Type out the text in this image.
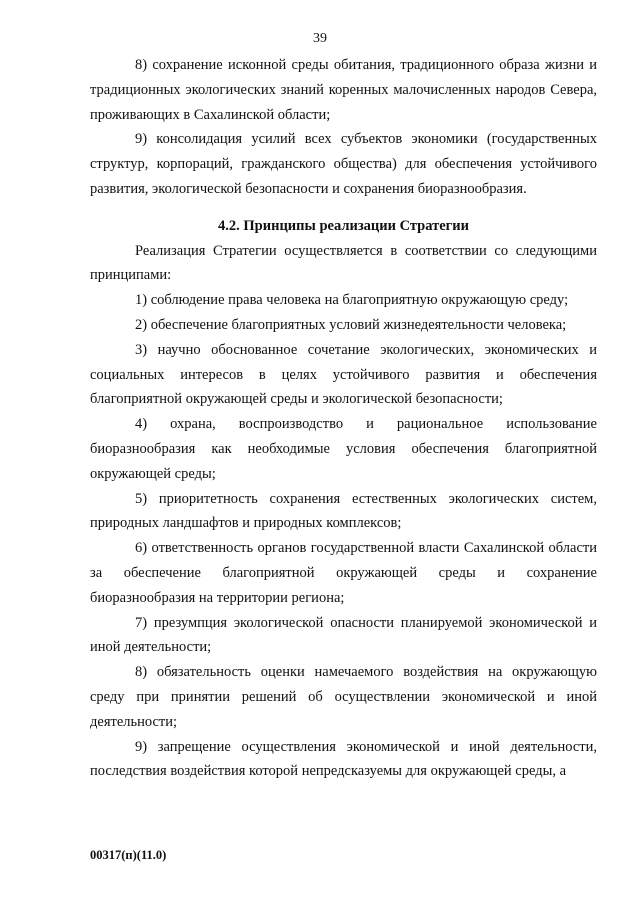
39

8) сохранение исконной среды обитания, традиционного образа жизни и традиционных экологических знаний коренных малочисленных народов Севера, проживающих в Сахалинской области;

9) консолидация усилий всех субъектов экономики (государственных структур, корпораций, гражданского общества) для обеспечения устойчивого развития, экологической безопасности и сохранения биоразнообразия.

4.2. Принципы реализации Стратегии

Реализация Стратегии осуществляется в соответствии со следующими принципами:

1) соблюдение права человека на благоприятную окружающую среду;

2) обеспечение благоприятных условий жизнедеятельности человека;

3) научно обоснованное сочетание экологических, экономических и социальных интересов в целях устойчивого развития и обеспечения благоприятной окружающей среды и экологической безопасности;

4) охрана, воспроизводство и рациональное использование биоразнообразия как необходимые условия обеспечения благоприятной окружающей среды;

5) приоритетность сохранения естественных экологических систем, природных ландшафтов и природных комплексов;

6) ответственность органов государственной власти Сахалинской области за обеспечение благоприятной окружающей среды и сохранение биоразнообразия на территории региона;

7) презумпция экологической опасности планируемой экономической и иной деятельности;

8) обязательность оценки намечаемого воздействия на окружающую среду при принятии решений об осуществлении экономической и иной деятельности;

9) запрещение осуществления экономической и иной деятельности, последствия воздействия которой непредсказуемы для окружающей среды, а

00317(п)(11.0)
